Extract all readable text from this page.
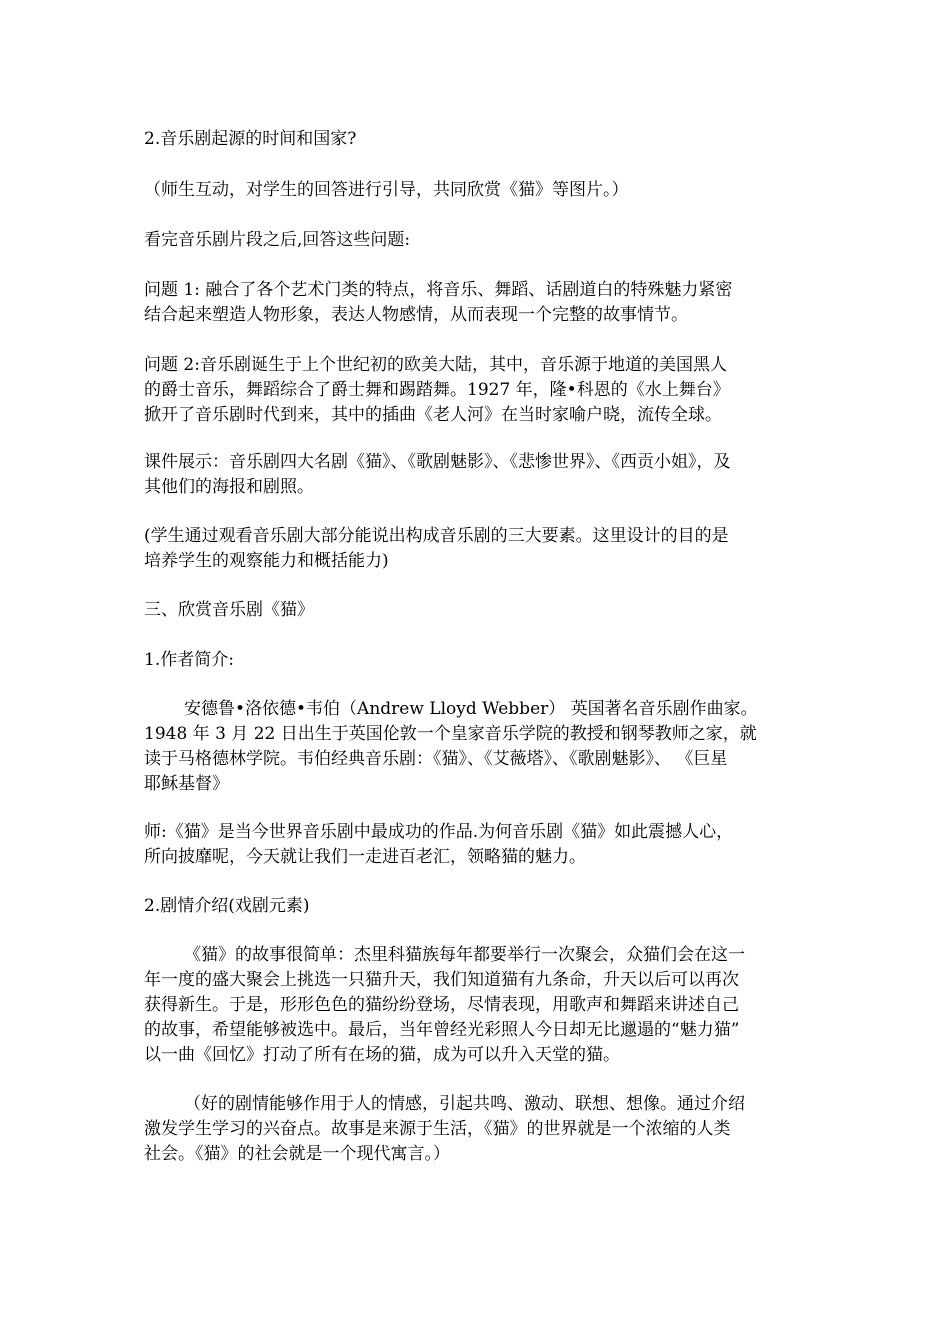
2.音乐剧起源的时间和国家?
（师生互动，对学生的回答进行引导，共同欣赏《猫》等图片。）
看完音乐剧片段之后,回答这些问题:
问题 1: 融合了各个艺术门类的特点，将音乐、舞蹈、话剧道白的特殊魅力紧密
结合起来塑造人物形象，表达人物感情，从而表现一个完整的故事情节。
问题 2:音乐剧诞生于上个世纪初的欧美大陆，其中，音乐源于地道的美国黑人
的爵士音乐，舞蹈综合了爵士舞和踢踏舞。1927 年，隆•科恩的《水上舞台》
掀开了音乐剧时代到来，其中的插曲《老人河》在当时家喻户晓，流传全球。
课件展示：音乐剧四大名剧《猫》、《歌剧魅影》、《悲惨世界》、《西贡小姐》，及
其他们的海报和剧照。
(学生通过观看音乐剧大部分能说出构成音乐剧的三大要素。这里设计的目的是
培养学生的观察能力和概括能力)
三、欣赏音乐剧《猫》
1.作者简介:
安德鲁•洛依德•韦伯（Andrew Lloyd Webber） 英国著名音乐剧作曲家。
1948 年 3 月 22 日出生于英国伦敦一个皇家音乐学院的教授和钢琴教师之家，就
读于马格德林学院。韦伯经典音乐剧：《猫》、《艾薇塔》、《歌剧魅影》、 《巨星
耶稣基督》
师:《猫》是当今世界音乐剧中最成功的作品.为何音乐剧《猫》如此震撼人心，
所向披靡呢，今天就让我们一走进百老汇，领略猫的魅力。
2.剧情介绍(戏剧元素)
《猫》的故事很简单：杰里科猫族每年都要举行一次聚会，众猫们会在这一
年一度的盛大聚会上挑选一只猫升天，我们知道猫有九条命，升天以后可以再次
获得新生。于是，形形色色的猫纷纷登场，尽情表现，用歌声和舞蹈来讲述自己
的故事，希望能够被选中。最后，当年曾经光彩照人今日却无比邋遢的“魅力猫”
以一曲《回忆》打动了所有在场的猫，成为可以升入天堂的猫。
（好的剧情能够作用于人的情感，引起共鸣、激动、联想、想像。通过介绍
激发学生学习的兴奋点。故事是来源于生活，《猫》的世界就是一个浓缩的人类
社会。《猫》的社会就是一个现代寓言。）
